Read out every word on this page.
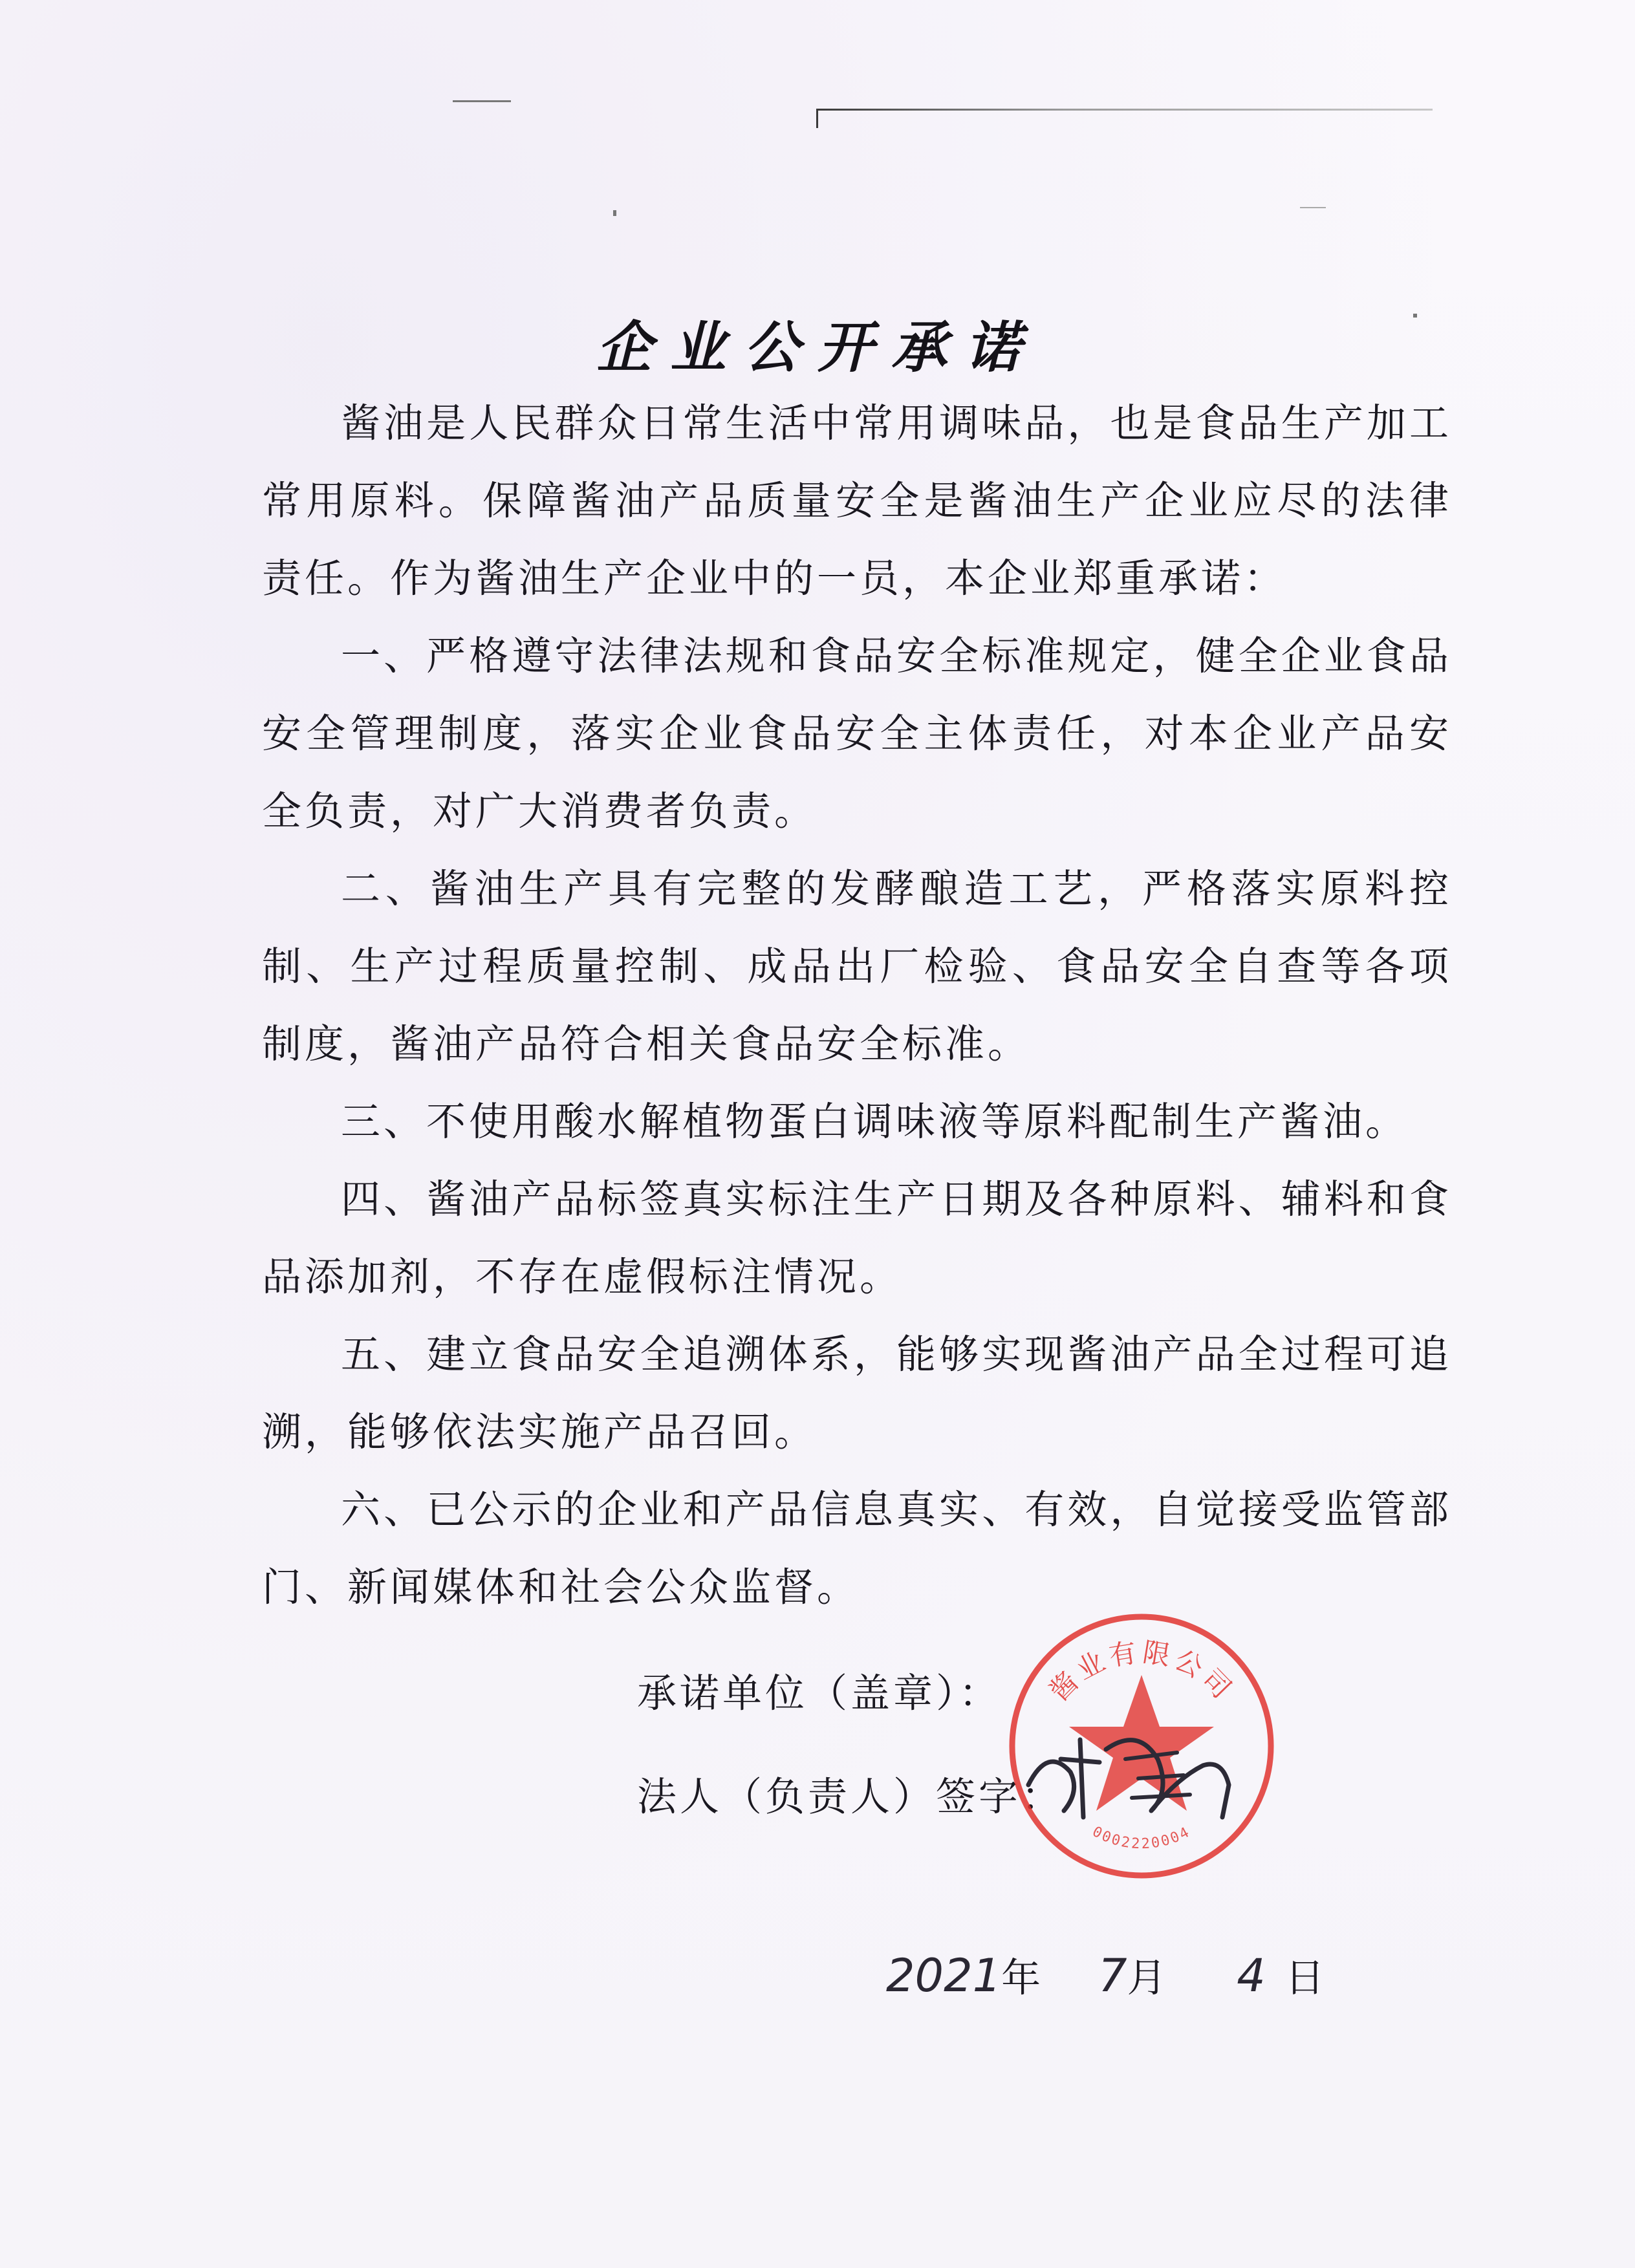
企业公开承诺

酱油是人民群众日常生活中常用调味品，也是食品生产加工常用原料。保障酱油产品质量安全是酱油生产企业应尽的法律责任。作为酱油生产企业中的一员，本企业郑重承诺：

一、严格遵守法律法规和食品安全标准规定，健全企业食品安全管理制度，落实企业食品安全主体责任，对本企业产品安全负责，对广大消费者负责。

二、酱油生产具有完整的发酵酿造工艺，严格落实原料控制、生产过程质量控制、成品出厂检验、食品安全自查等各项制度，酱油产品符合相关食品安全标准。

三、不使用酸水解植物蛋白调味液等原料配制生产酱油。

四、酱油产品标签真实标注生产日期及各种原料、辅料和食品添加剂，不存在虚假标注情况。

五、建立食品安全追溯体系，能够实现酱油产品全过程可追溯，能够依法实施产品召回。

六、已公示的企业和产品信息真实、有效，自觉接受监管部门、新闻媒体和社会公众监督。

承诺单位（盖章）：
法人（负责人）签字：
酱业有限公司
0002220004
2021年 7月 4 日
